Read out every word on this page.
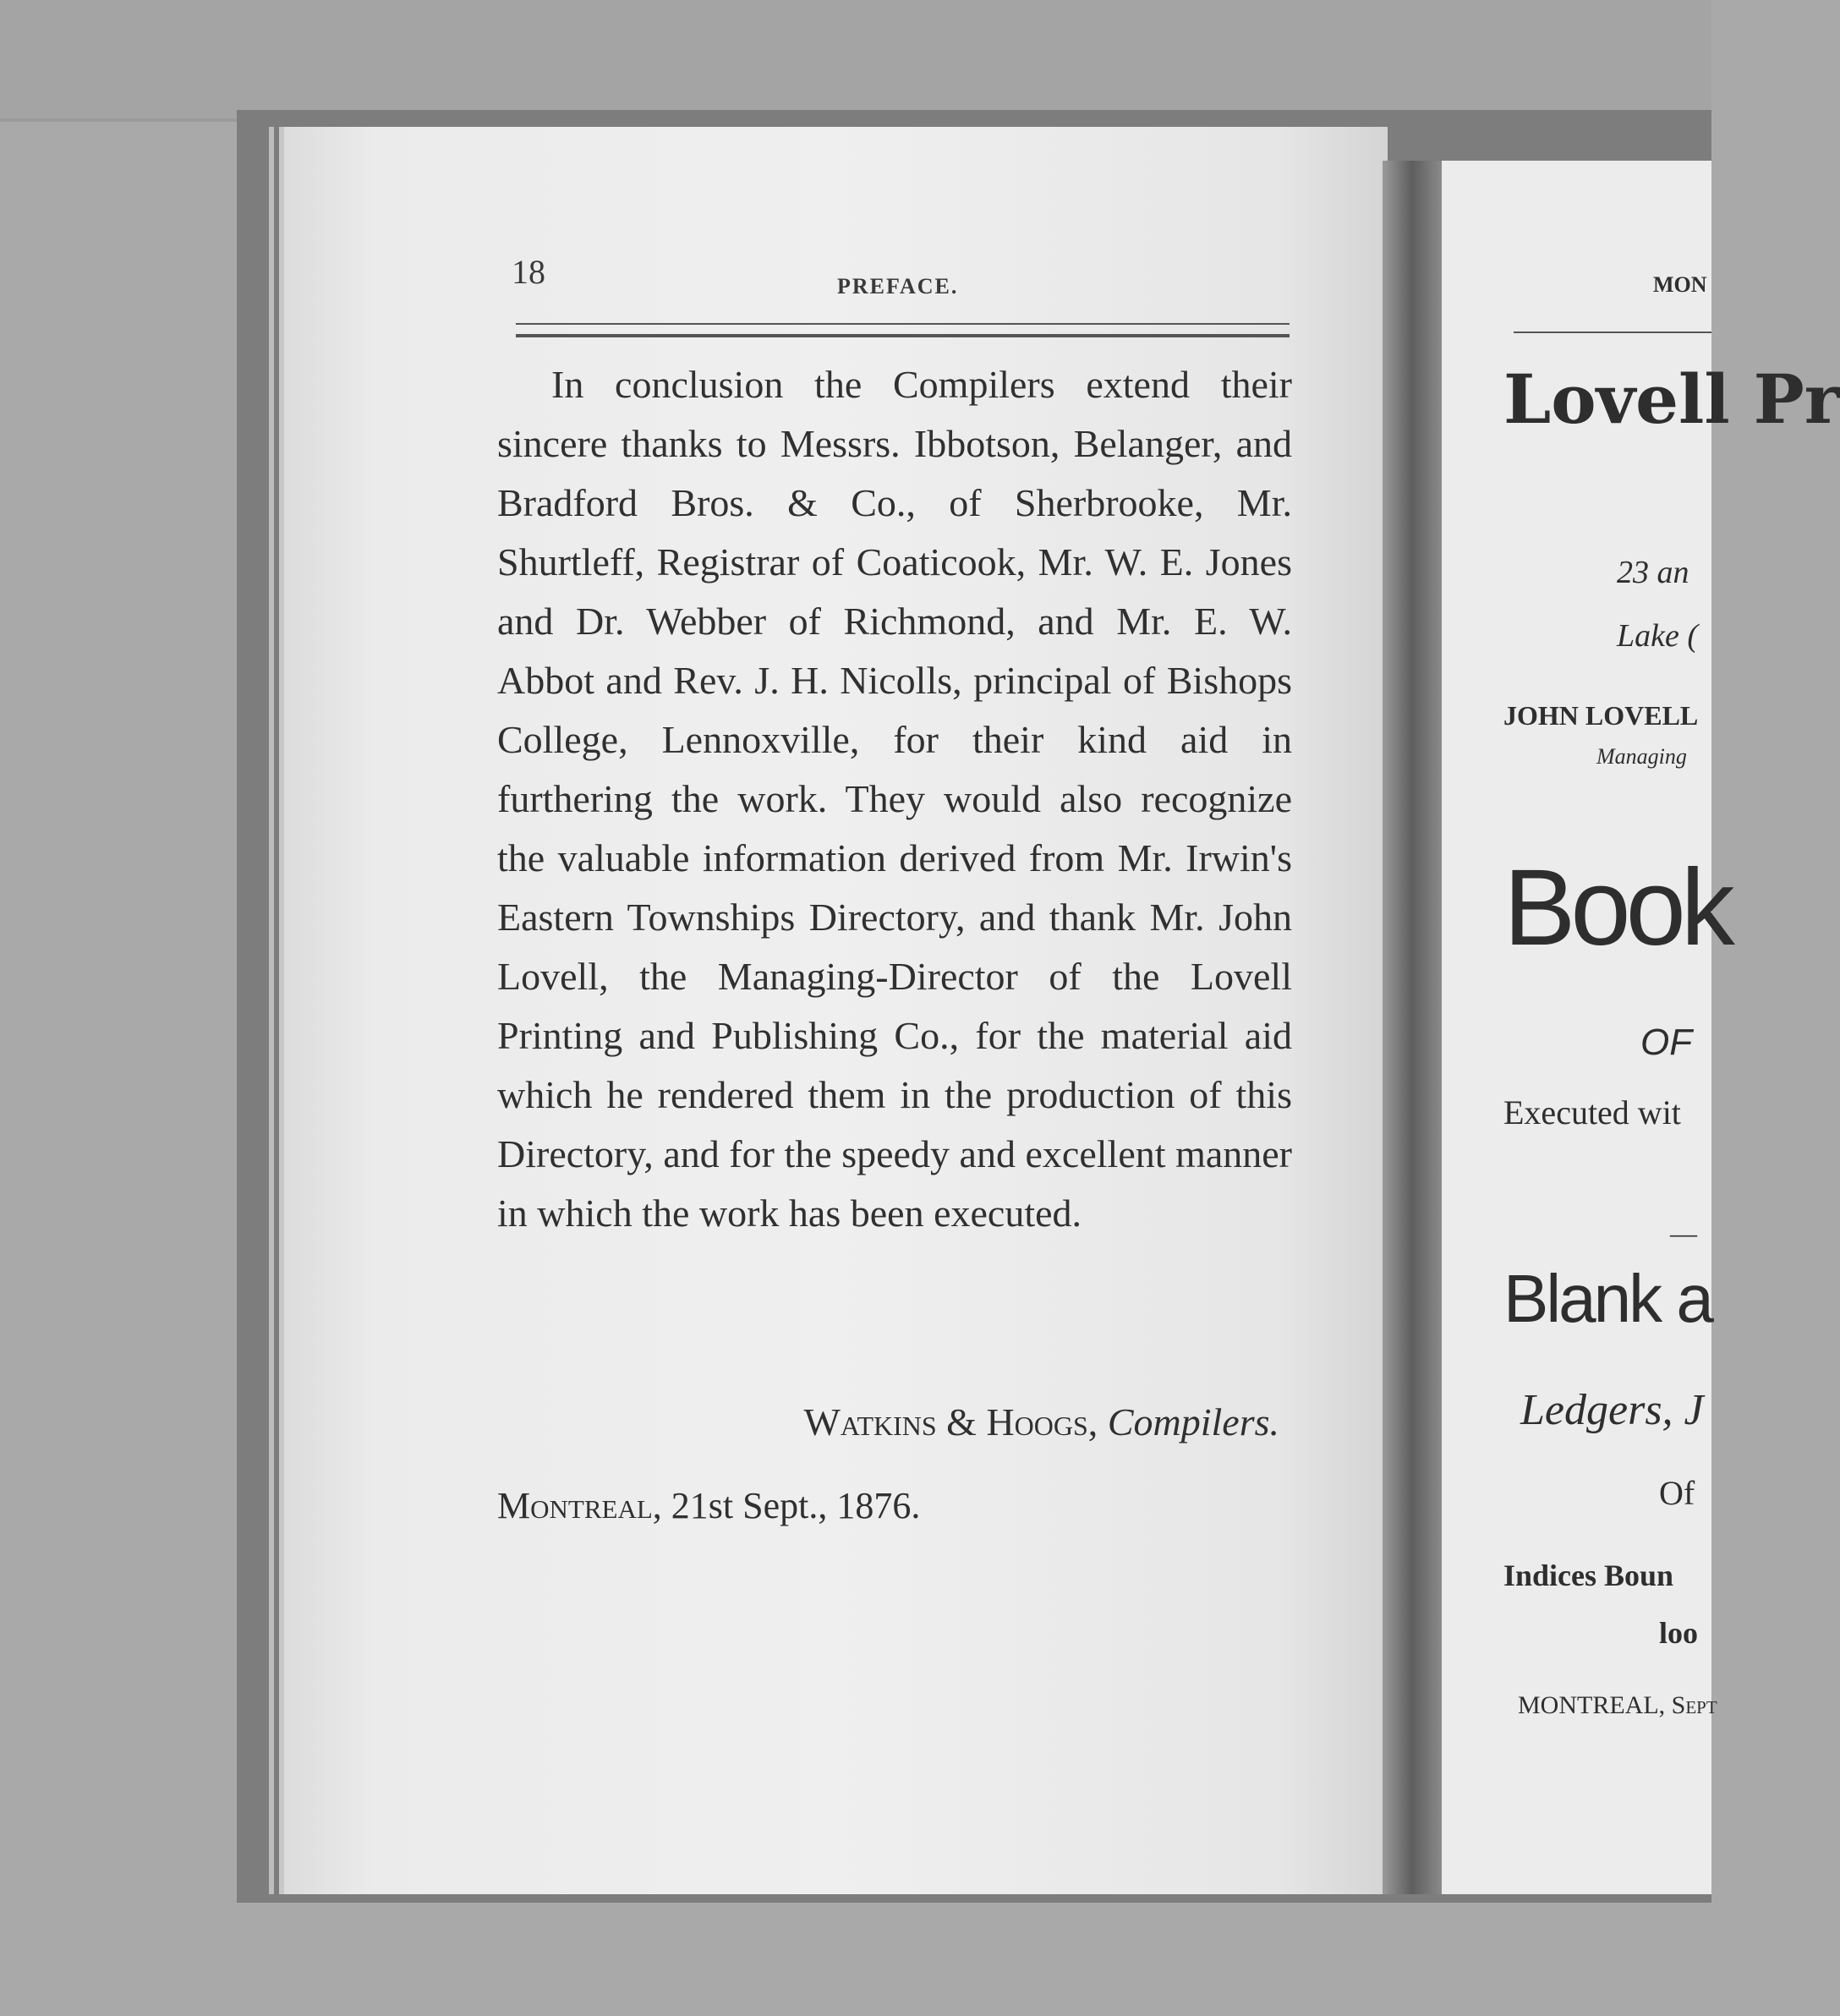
18	PREFACE.

In conclusion the Compilers extend their sincere thanks to Messrs. Ibbotson, Belanger, and Bradford Bros. & Co., of Sherbrooke, Mr. Shurtleff, Registrar of Coaticook, Mr. W. E. Jones and Dr. Webber of Richmond, and Mr. E. W. Abbot and Rev. J. H. Nicolls, principal of Bishops College, Lennoxville, for their kind aid in furthering the work. They would also recognize the valuable information derived from Mr. Irwin's Eastern Townships Directory, and thank Mr. John Lovell, the Managing-Director of the Lovell Printing and Publishing Co., for the material aid which he rendered them in the production of this Directory, and for the speedy and excellent manner in which the work has been executed.

Watkins & Hoogs, Compilers.
Montreal, 21st Sept., 1876.
MON
Lovell Pr
23 an
Lake (
JOHN LOVELL
Managing
Book
OF
Executed wit
—
Blank a
Ledgers, J
Of
Indices Boun
loo
MONTREAL, Sept
